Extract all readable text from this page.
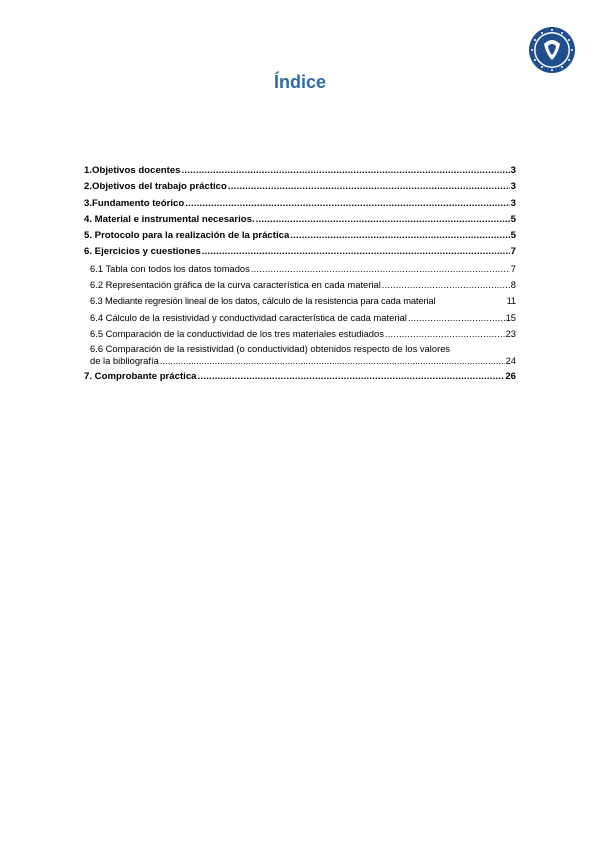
Índice
1.Objetivos docentes .....	3
2.Objetivos del trabajo práctico .....	3
3.Fundamento teórico .....	3
4. Material e instrumental necesarios. .....	5
5. Protocolo para la realización de la práctica .....	5
6. Ejercicios y cuestiones .....	7
6.1 Tabla con todos los datos tomados .....	7
6.2 Representación gráfica de la curva característica en cada material .....	8
6.3 Mediante regresión lineal de los datos, cálculo de la resistencia para cada material	11
6.4 Cálculo de la resistividad y conductividad característica de cada material .....	15
6.5 Comparación de la conductividad de los tres materiales estudiados .....	23
6.6 Comparación de la resistividad (o conductividad) obtenidos respecto de los valores
de la bibliografía .....	24
7. Comprobante práctica .....	26
